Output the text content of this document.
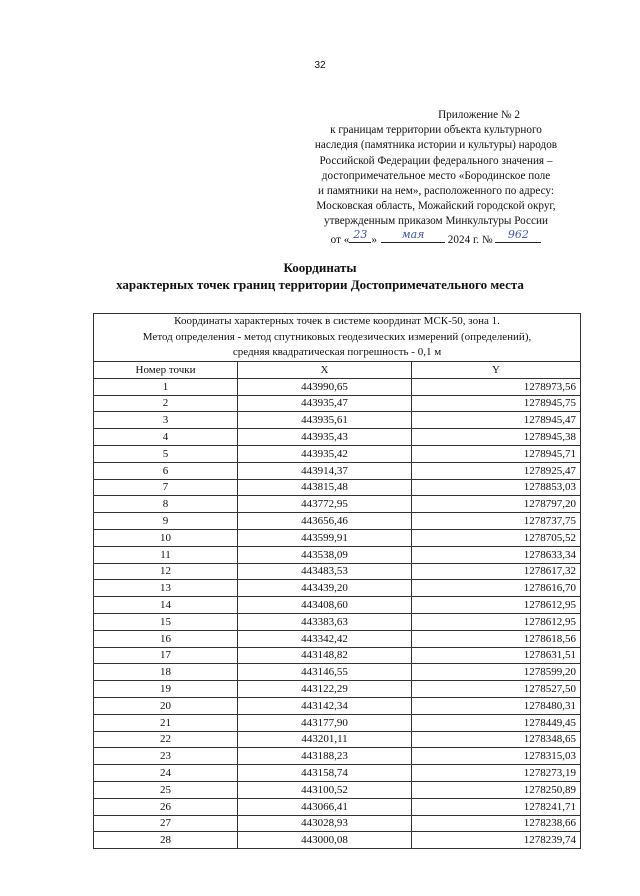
32
Приложение № 2
к границам территории объекта культурного
наследия (памятника истории и культуры) народов
Российской Федерации федерального значения –
достопримечательное место «Бородинское поле
и памятники на нем», расположенного по адресу:
Московская область, Можайский городской округ,
утвержденным приказом Минкультуры России
от « 23 »	мая	2024 г. №	962
Координаты
характерных точек границ территории Достопримечательного места
Координаты характерных точек в системе координат МСК-50, зона 1.
Метод определения - метод спутниковых геодезических измерений (определений),
средняя квадратическая погрешность - 0,1 м		

Номер точки	X	Y
1	443990,65	1278973,56
2	443935,47	1278945,75
3	443935,61	1278945,47
4	443935,43	1278945,38
5	443935,42	1278945,71
6	443914,37	1278925,47
7	443815,48	1278853,03
8	443772,95	1278797,20
9	443656,46	1278737,75
10	443599,91	1278705,52
11	443538,09	1278633,34
12	443483,53	1278617,32
13	443439,20	1278616,70
14	443408,60	1278612,95
15	443383,63	1278612,95
16	443342,42	1278618,56
17	443148,82	1278631,51
18	443146,55	1278599,20
19	443122,29	1278527,50
20	443142,34	1278480,31
21	443177,90	1278449,45
22	443201,11	1278348,65
23	443188,23	1278315,03
24	443158,74	1278273,19
25	443100,52	1278250,89
26	443066,41	1278241,71
27	443028,93	1278238,66
28	443000,08	1278239,74
